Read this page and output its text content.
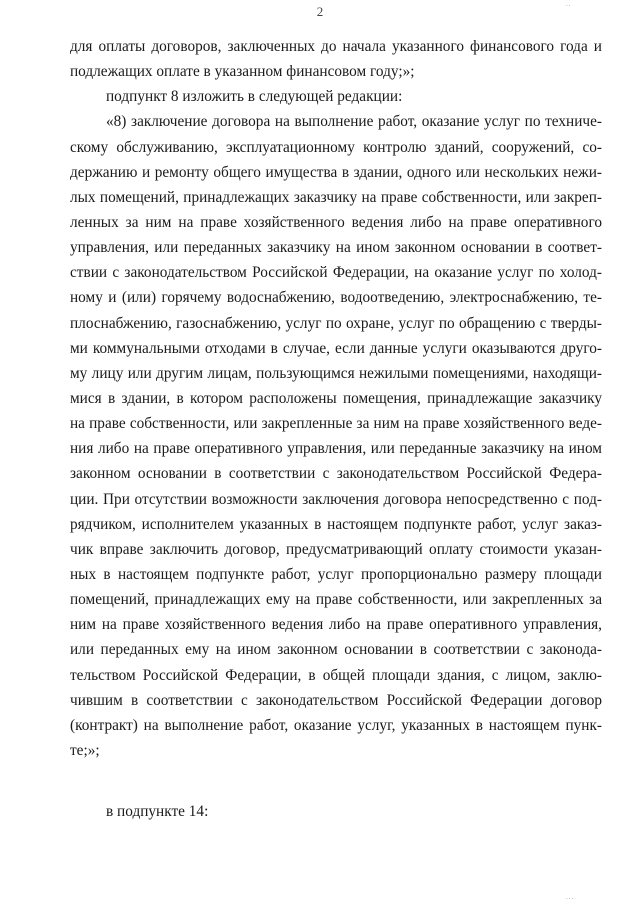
..
2
для оплаты договоров, заключенных до начала указанного финансового года и
подлежащих оплате в указанном финансовом году;»;
подпункт 8 изложить в следующей редакции:
«8) заключение договора на выполнение работ, оказание услуг по техниче-
скому обслуживанию, эксплуатационному контролю зданий, сооружений, со-
держанию и ремонту общего имущества в здании, одного или нескольких нежи-
лых помещений, принадлежащих заказчику на праве собственности, или закреп-
ленных за ним на праве хозяйственного ведения либо на праве оперативного
управления, или переданных заказчику на ином законном основании в соответ-
ствии с законодательством Российской Федерации, на оказание услуг по холод-
ному и (или) горячему водоснабжению, водоотведению, электроснабжению, те-
плоснабжению, газоснабжению, услуг по охране, услуг по обращению с тверды-
ми коммунальными отходами в случае, если данные услуги оказываются друго-
му лицу или другим лицам, пользующимся нежилыми помещениями, находящи-
мися в здании, в котором расположены помещения, принадлежащие заказчику
на праве собственности, или закрепленные за ним на праве хозяйственного веде-
ния либо на праве оперативного управления, или переданные заказчику на ином
законном основании в соответствии с законодательством Российской Федера-
ции. При отсутствии возможности заключения договора непосредственно с под-
рядчиком, исполнителем указанных в настоящем подпункте работ, услуг заказ-
чик вправе заключить договор, предусматривающий оплату стоимости указан-
ных в настоящем подпункте работ, услуг пропорционально размеру площади
помещений, принадлежащих ему на праве собственности, или закрепленных за
ним на праве хозяйственного ведения либо на праве оперативного управления,
или переданных ему на ином законном основании в соответствии с законода-
тельством Российской Федерации, в общей площади здания, с лицом, заклю-
чившим в соответствии с законодательством Российской Федерации договор
(контракт) на выполнение работ, оказание услуг, указанных в настоящем пунк-
те;»;
в подпункте 14:
...
